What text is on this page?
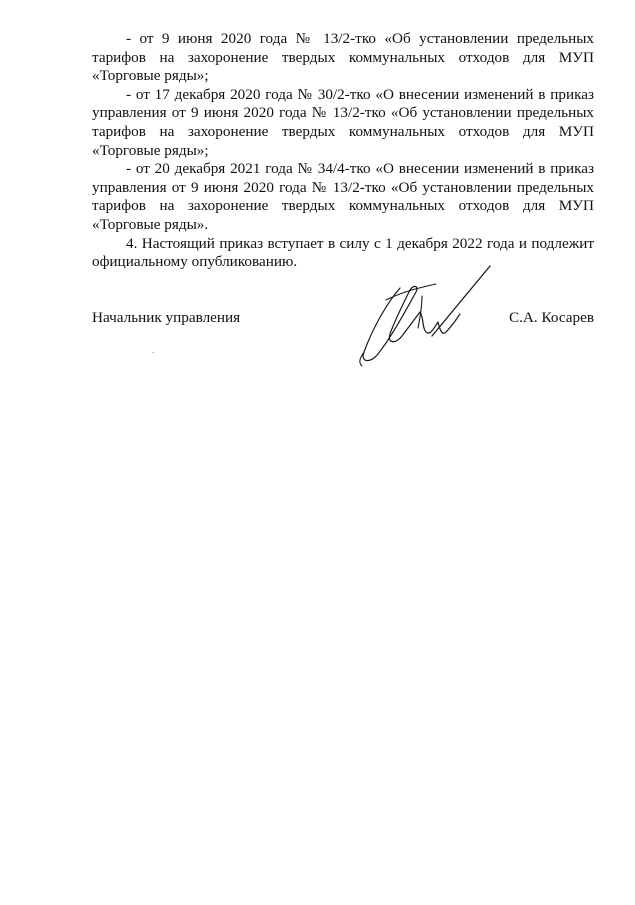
- от 9 июня 2020 года № 13/2-тко «Об установлении предельных тарифов на захоронение твердых коммунальных отходов для МУП «Торговые ряды»;

- от 17 декабря 2020 года № 30/2-тко «О внесении изменений в приказ управления от 9 июня 2020 года № 13/2-тко «Об установлении предельных тарифов на захоронение твердых коммунальных отходов для МУП «Торговые ряды»;

- от 20 декабря 2021 года № 34/4-тко «О внесении изменений в приказ управления от 9 июня 2020 года № 13/2-тко «Об установлении предельных тарифов на захоронение твердых коммунальных отходов для МУП «Торговые ряды».

4. Настоящий приказ вступает в силу с 1 декабря 2022 года и подлежит официальному опубликованию.

Начальник управления	С.А. Косарев
